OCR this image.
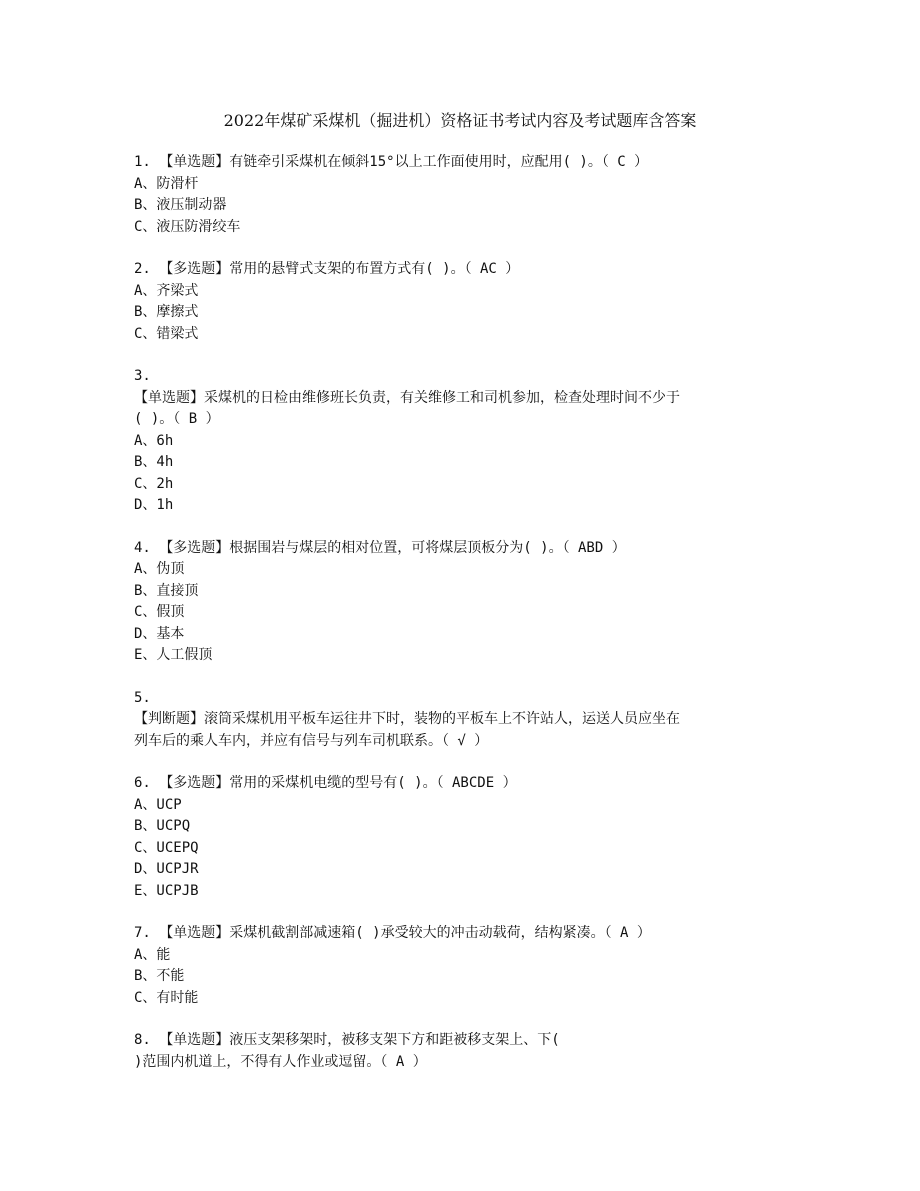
2022年煤矿采煤机（掘进机）资格证书考试内容及考试题库含答案
1. 【单选题】有链牵引采煤机在倾斜15°以上工作面使用时，应配用( )。（ C ）
A、防滑杆
B、液压制动器
C、液压防滑绞车
2. 【多选题】常用的悬臂式支架的布置方式有( )。（ AC ）
A、齐梁式
B、摩擦式
C、错梁式
3.
【单选题】采煤机的日检由维修班长负责，有关维修工和司机参加，检查处理时间不少于
( )。（ B ）
A、6h
B、4h
C、2h
D、1h
4. 【多选题】根据围岩与煤层的相对位置，可将煤层顶板分为( )。（ ABD ）
A、伪顶
B、直接顶
C、假顶
D、基本
E、人工假顶
5.
【判断题】滚筒采煤机用平板车运往井下时，装物的平板车上不许站人，运送人员应坐在
列车后的乘人车内，并应有信号与列车司机联系。（ √ ）
6. 【多选题】常用的采煤机电缆的型号有( )。（ ABCDE ）
A、UCP
B、UCPQ
C、UCEPQ
D、UCPJR
E、UCPJB
7. 【单选题】采煤机截割部减速箱( )承受较大的冲击动载荷，结构紧凑。（ A ）
A、能
B、不能
C、有时能
8. 【单选题】液压支架移架时，被移支架下方和距被移支架上、下(
)范围内机道上，不得有人作业或逗留。（ A ）
